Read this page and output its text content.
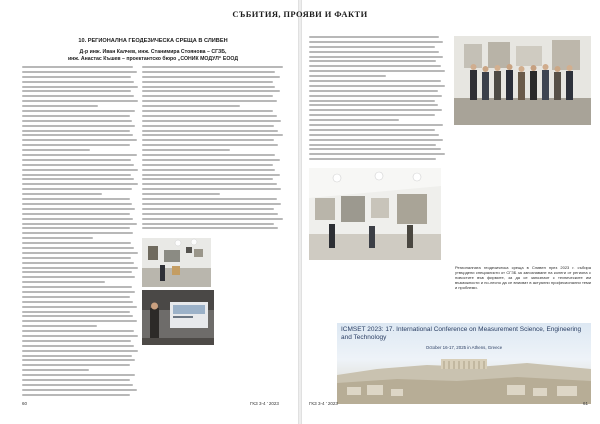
СЪБИТИЯ, ПРОЯВИ И ФАКТИ
10. РЕГИОНАЛНА ГЕОДЕЗИЧЕСКА СРЕЩА В СЛИВЕН
Д-р инж. Иван Калчев, инж. Станимира Стоянова – СГЗБ,
инж. Анастас Къшев – проектантско бюро „СОНИК МОДУЛ“ ЕООД
Регионалната геодезическа среща в Сливен през 2023 г. събира утвърдени специалисти от СГЗБ за запознаване на колеги от региона с новостите във фирмите, за да се запознаят с техническите им възможности и по-лесно да се вписват в актуални професионални теми и проблеми.
ICMSET 2023: 17. International Conference on Measurement Science, Engineering and Technology
October 16-17, 2025 in Athens, Greece
60	ГКЗ 3-4 ' 2023	ГКЗ 3-4 ' 2023	61
